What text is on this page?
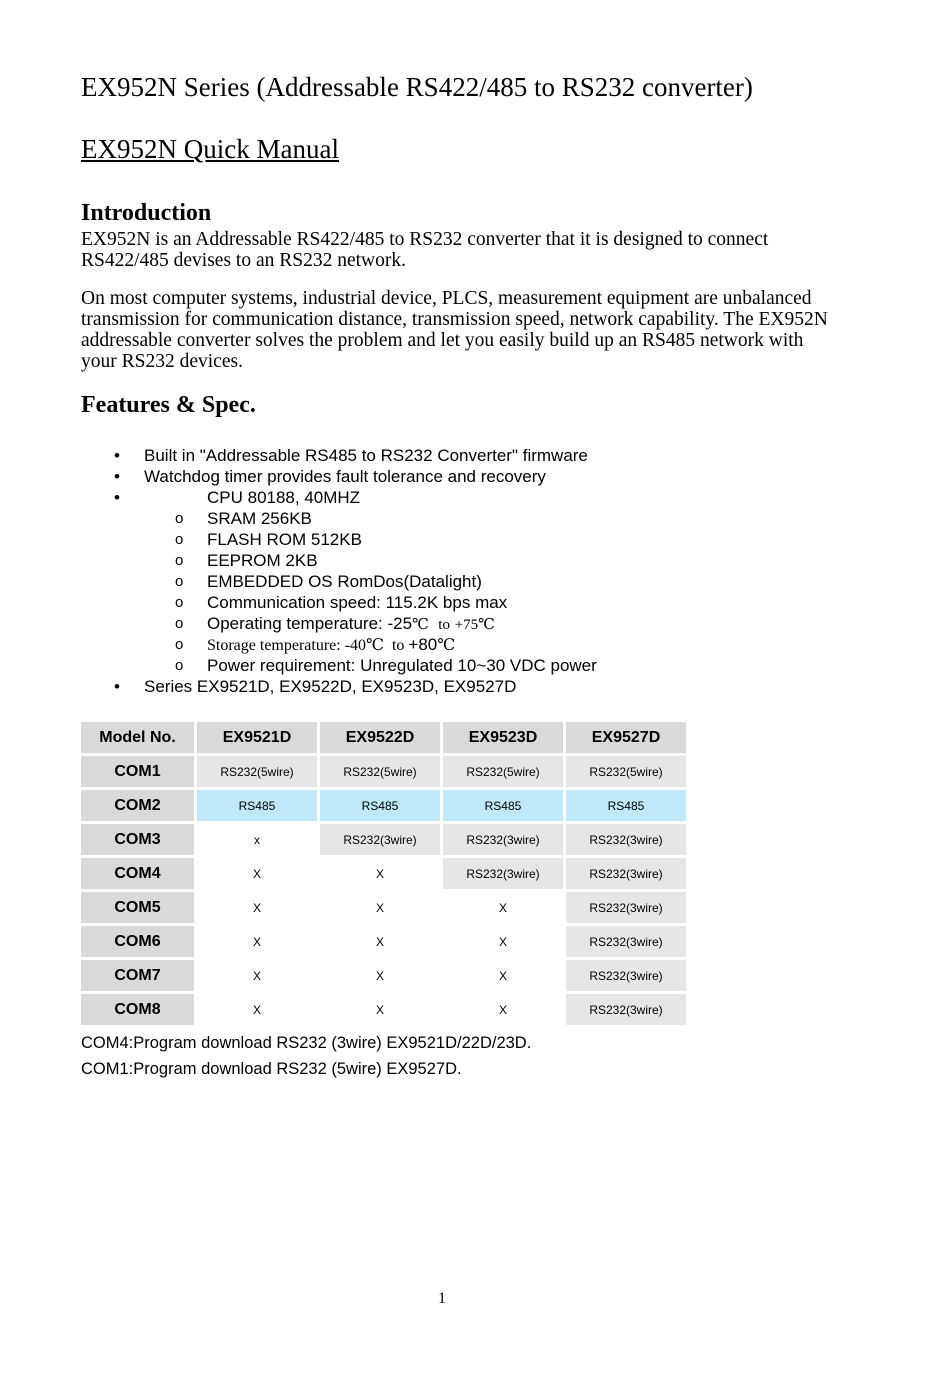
EX952N Series (Addressable RS422/485 to RS232 converter)
EX952N Quick Manual
Introduction
EX952N is an Addressable RS422/485 to RS232 converter that it is designed to connect RS422/485 devises to an RS232 network.
On most computer systems, industrial device, PLCS, measurement equipment are unbalanced transmission for communication distance, transmission speed, network capability. The EX952N addressable converter solves the problem and let you easily build up an RS485 network with your RS232 devices.
Features & Spec.
• Built in "Addressable RS485 to RS232 Converter" firmware
• Watchdog timer provides fault tolerance and recovery
•	CPU 80188, 40MHZ
o SRAM 256KB
o FLASH ROM 512KB
o EEPROM 2KB
o EMBEDDED OS RomDos(Datalight)
o Communication speed: 115.2K bps max
o Operating temperature: -25℃ to +75℃
o Storage temperature: -40℃ to +80℃
o Power requirement: Unregulated 10~30 VDC power
• Series EX9521D, EX9522D, EX9523D, EX9527D
Model No.	EX9521D	EX9522D	EX9523D	EX9527D
COM1	RS232(5wire)	RS232(5wire)	RS232(5wire)	RS232(5wire)
COM2	RS485	RS485	RS485	RS485
COM3	x	RS232(3wire)	RS232(3wire)	RS232(3wire)
COM4	X	X	RS232(3wire)	RS232(3wire)
COM5	X	X	X	RS232(3wire)
COM6	X	X	X	RS232(3wire)
COM7	X	X	X	RS232(3wire)
COM8	X	X	X	RS232(3wire)
COM4:Program download RS232 (3wire) EX9521D/22D/23D.
COM1:Program download RS232 (5wire) EX9527D.
1
